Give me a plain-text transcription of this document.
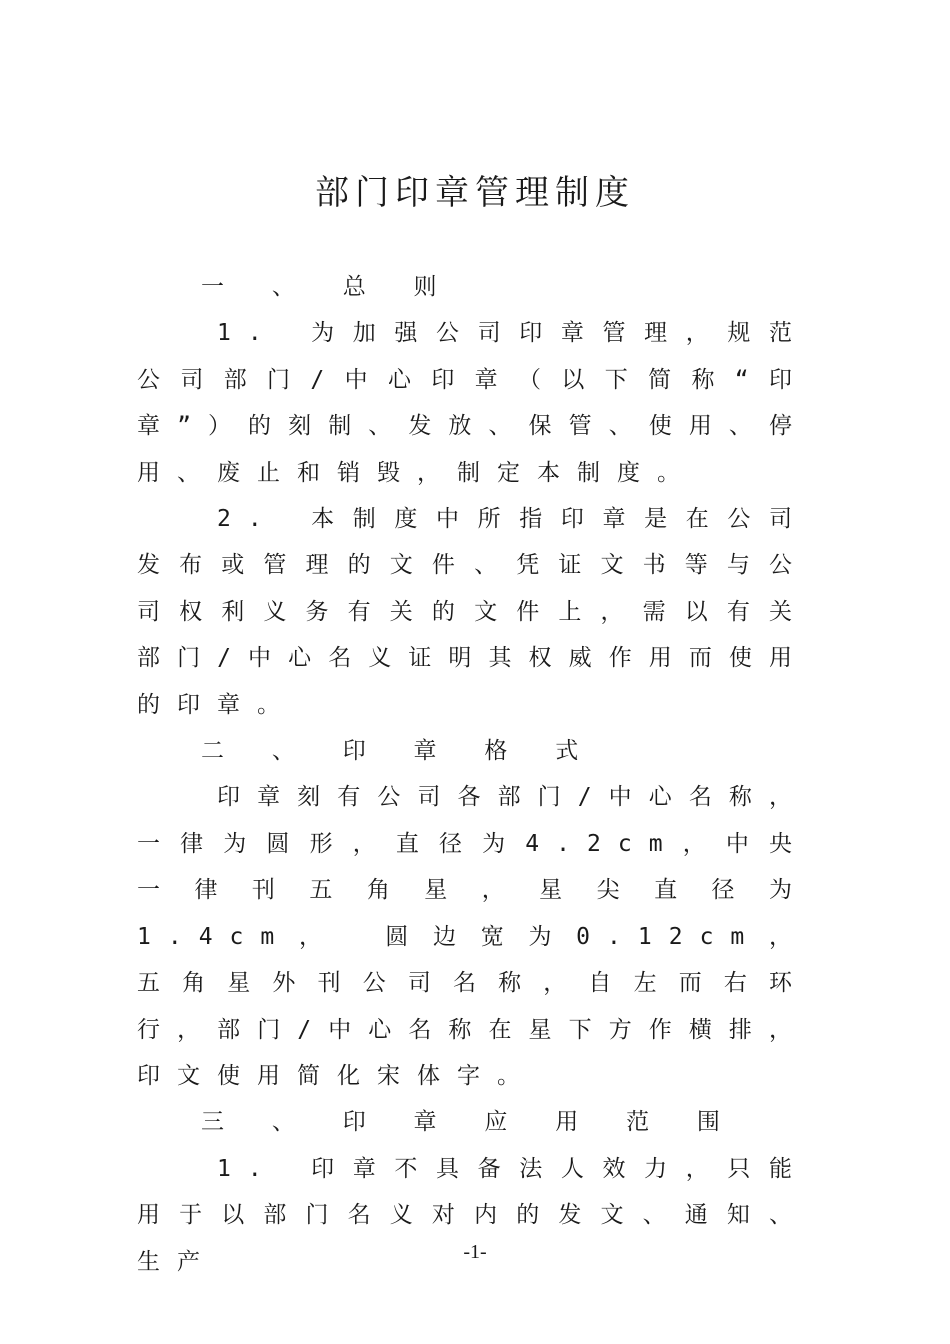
部门印章管理制度

一 、 总 则

1. 为加强公司印章管理，规范公司部门/中心印章（以下简称“印章”）的刻制、发放、保管、使用、停用、废止和销毁，制定本制度。

2. 本制度中所指印章是在公司发布或管理的文件、凭证文书等与公司权利义务有关的文件上，需以有关部门/中心名义证明其权威作用而使用的印章。

二 、 印 章 格 式

印章刻有公司各部门/中心名称，一律为圆形，直径为4.2cm，中央一律刊五角星，星尖直径为1.4cm， 圆边宽为0.12cm， 五角星外刊公司名称，自左而右环行，部门/中心名称在星下方作横排，印文使用简化宋体字。

三 、 印 章 应 用 范 围

1. 印章不具备法人效力，只能用于以部门名义对内的发文、通知、生产	-1-
